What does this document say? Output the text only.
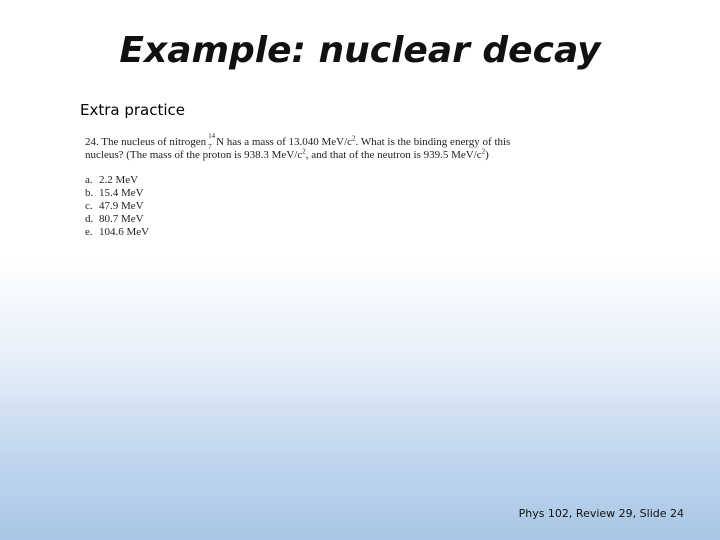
Example: nuclear decay
Extra practice

24. The nucleus of nitrogen 14
7 N has a mass of 13.040 MeV/$c^2$. What is the binding energy of this nucleus? (The mass of the proton is 938.3 MeV/$c^2$, and that of the neutron is 939.5 MeV/$c^2$)

a. 2.2 MeV
b. 15.4 MeV
c. 47.9 MeV
d. 80.7 MeV
e. 104.6 MeV
Phys 102, Review 29, Slide 24
